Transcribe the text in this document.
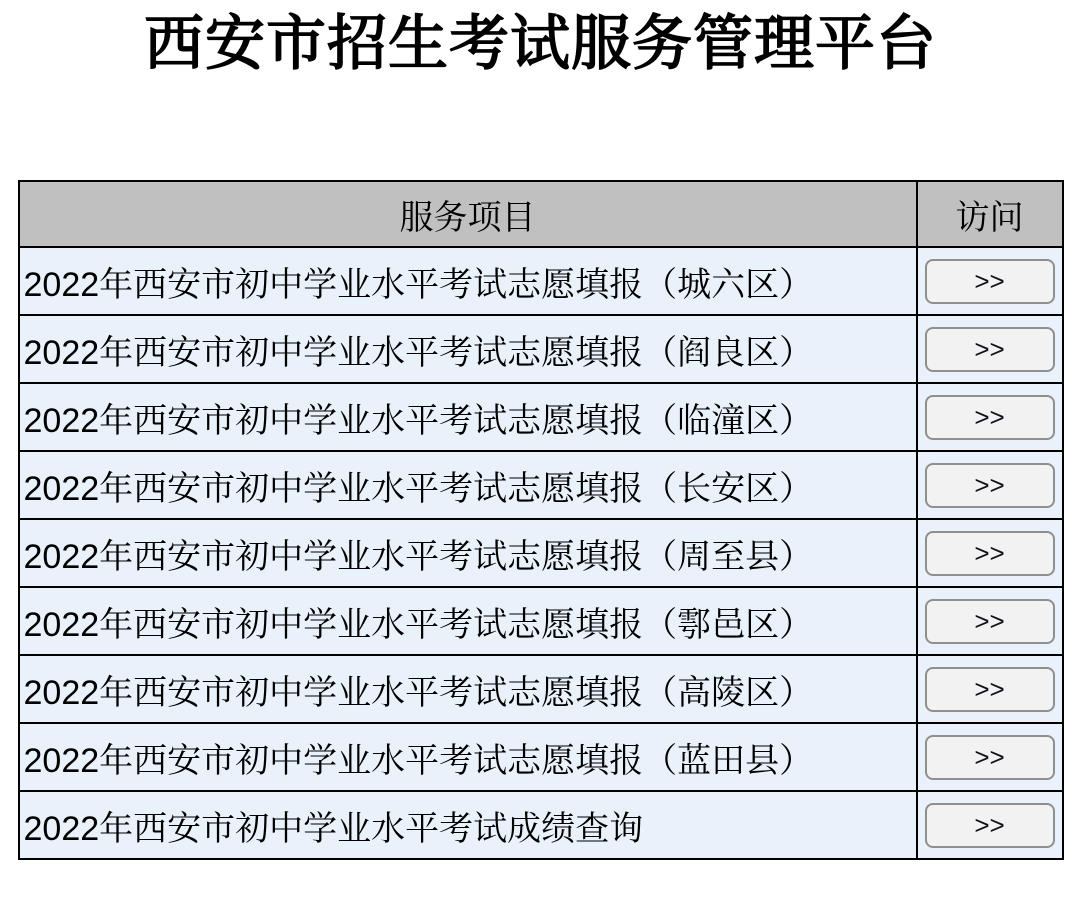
西安市招生考试服务管理平台
服务项目	访问
2022年西安市初中学业水平考试志愿填报（城六区）	>>
2022年西安市初中学业水平考试志愿填报（阎良区）	>>
2022年西安市初中学业水平考试志愿填报（临潼区）	>>
2022年西安市初中学业水平考试志愿填报（长安区）	>>
2022年西安市初中学业水平考试志愿填报（周至县）	>>
2022年西安市初中学业水平考试志愿填报（鄠邑区）	>>
2022年西安市初中学业水平考试志愿填报（高陵区）	>>
2022年西安市初中学业水平考试志愿填报（蓝田县）	>>
2022年西安市初中学业水平考试成绩查询	>>
